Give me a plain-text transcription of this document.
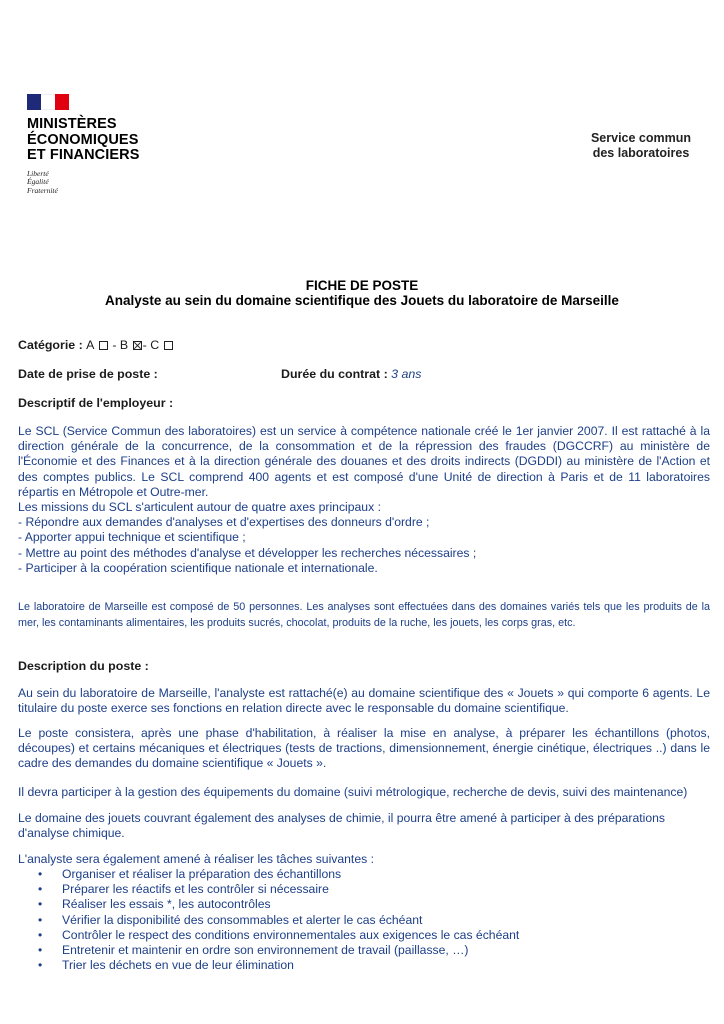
MINISTÈRES
ÉCONOMIQUES
ET FINANCIERS
Liberté
Égalité
Fraternité
Service commun
des laboratoires
FICHE DE POSTE
Analyste au sein du domaine scientifique des Jouets du laboratoire de Marseille
Catégorie : A - B - C
Date de prise de poste :	Durée du contrat : 3 ans
Descriptif de l'employeur :
Le SCL (Service Commun des laboratoires) est un service à compétence nationale créé le 1er janvier 2007. Il est rattaché à la direction générale de la concurrence, de la consommation et de la répression des fraudes (DGCCRF) au ministère de l'Économie et des Finances et à la direction générale des douanes et des droits indirects (DGDDI) au ministère de l'Action et des comptes publics. Le SCL comprend 400 agents et est composé d'une Unité de direction à Paris et de 11 laboratoires répartis en Métropole et Outre-mer.
Les missions du SCL s'articulent autour de quatre axes principaux :
- Répondre aux demandes d'analyses et d'expertises des donneurs d'ordre ;
- Apporter appui technique et scientifique ;
- Mettre au point des méthodes d'analyse et développer les recherches nécessaires ;
- Participer à la coopération scientifique nationale et internationale.
Le laboratoire de Marseille est composé de 50 personnes. Les analyses sont effectuées dans des domaines variés tels que les produits de la mer, les contaminants alimentaires, les produits sucrés, chocolat, produits de la ruche, les jouets, les corps gras, etc.
Description du poste :
Au sein du laboratoire de Marseille, l'analyste est rattaché(e) au domaine scientifique des « Jouets » qui comporte 6 agents. Le titulaire du poste exerce ses fonctions en relation directe avec le responsable du domaine scientifique.
Le poste consistera, après une phase d'habilitation, à réaliser la mise en analyse, à préparer les échantillons (photos, découpes) et certains mécaniques et électriques (tests de tractions, dimensionnement, énergie cinétique, électriques ..) dans le cadre des demandes du domaine scientifique « Jouets ».
Il devra participer à la gestion des équipements du domaine (suivi métrologique, recherche de devis, suivi des maintenance)
Le domaine des jouets couvrant également des analyses de chimie, il pourra être amené à participer à des préparations d'analyse chimique.
L'analyste sera également amené à réaliser les tâches suivantes :
• Organiser et réaliser la préparation des échantillons
• Préparer les réactifs et les contrôler si nécessaire
• Réaliser les essais *, les autocontrôles
• Vérifier la disponibilité des consommables et alerter le cas échéant
• Contrôler le respect des conditions environnementales aux exigences le cas échéant
• Entretenir et maintenir en ordre son environnement de travail (paillasse, …)
• Trier les déchets en vue de leur élimination
